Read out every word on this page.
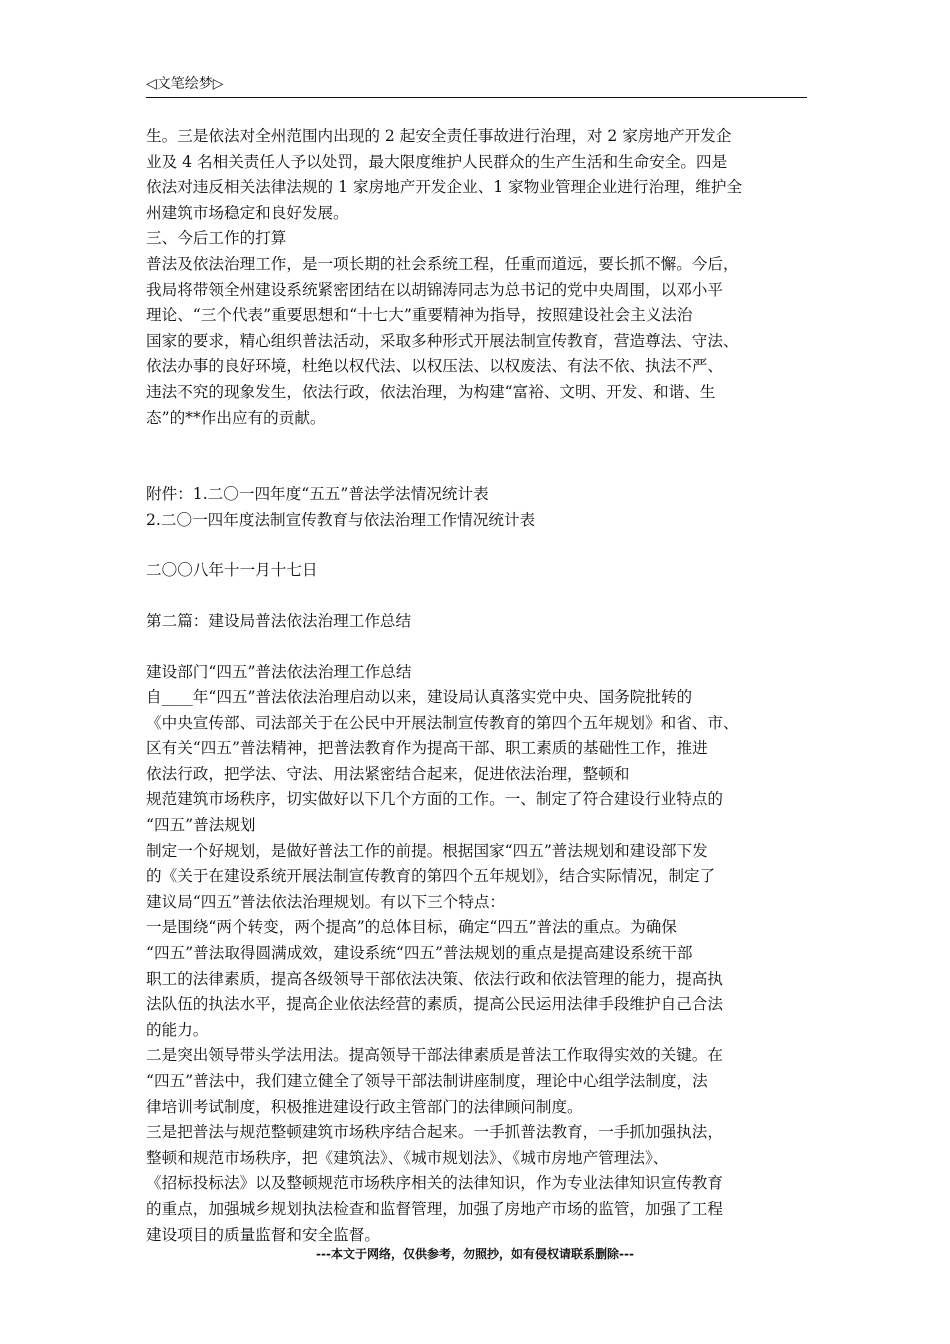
◁文笔绘梦▷

生。三是依法对全州范围内出现的 2 起安全责任事故进行治理，对 2 家房地产开发企

业及 4 名相关责任人予以处罚，最大限度维护人民群众的生产生活和生命安全。四是

依法对违反相关法律法规的 1 家房地产开发企业、1 家物业管理企业进行治理，维护全

州建筑市场稳定和良好发展。

三、今后工作的打算

普法及依法治理工作，是一项长期的社会系统工程，任重而道远，要长抓不懈。今后，

我局将带领全州建设系统紧密团结在以胡锦涛同志为总书记的党中央周围，以邓小平

理论、“三个代表”重要思想和“十七大”重要精神为指导，按照建设社会主义法治

国家的要求，精心组织普法活动，采取多种形式开展法制宣传教育，营造尊法、守法、

依法办事的良好环境，杜绝以权代法、以权压法、以权废法、有法不依、执法不严、

违法不究的现象发生，依法行政，依法治理，为构建“富裕、文明、开发、和谐、生

态”的**作出应有的贡献。

附件：1.二〇一四年度“五五”普法学法情况统计表

2.二〇一四年度法制宣传教育与依法治理工作情况统计表

二〇〇八年十一月十七日

第二篇：建设局普法依法治理工作总结

建设部门“四五”普法依法治理工作总结

自____年“四五”普法依法治理启动以来，建设局认真落实党中央、国务院批转的

《中央宣传部、司法部关于在公民中开展法制宣传教育的第四个五年规划》和省、市、

区有关“四五”普法精神，把普法教育作为提高干部、职工素质的基础性工作，推进

依法行政，把学法、守法、用法紧密结合起来，促进依法治理，整顿和

规范建筑市场秩序，切实做好以下几个方面的工作。一、制定了符合建设行业特点的

“四五”普法规划

制定一个好规划，是做好普法工作的前提。根据国家“四五”普法规划和建设部下发

的《关于在建设系统开展法制宣传教育的第四个五年规划》，结合实际情况，制定了

建议局“四五”普法依法治理规划。有以下三个特点：

一是围绕“两个转变，两个提高”的总体目标，确定“四五”普法的重点。为确保

“四五”普法取得圆满成效，建设系统“四五”普法规划的重点是提高建设系统干部

职工的法律素质，提高各级领导干部依法决策、依法行政和依法管理的能力，提高执

法队伍的执法水平，提高企业依法经营的素质，提高公民运用法律手段维护自己合法

的能力。

二是突出领导带头学法用法。提高领导干部法律素质是普法工作取得实效的关键。在

“四五”普法中，我们建立健全了领导干部法制讲座制度，理论中心组学法制度，法

律培训考试制度，积极推进建设行政主管部门的法律顾问制度。

三是把普法与规范整顿建筑市场秩序结合起来。一手抓普法教育，一手抓加强执法，

整顿和规范市场秩序，把《建筑法》、《城市规划法》、《城市房地产管理法》、

《招标投标法》以及整顿规范市场秩序相关的法律知识，作为专业法律知识宣传教育

的重点，加强城乡规划执法检查和监督管理，加强了房地产市场的监管，加强了工程

建设项目的质量监督和安全监督。

---本文于网络，仅供参考，勿照抄，如有侵权请联系删除---
